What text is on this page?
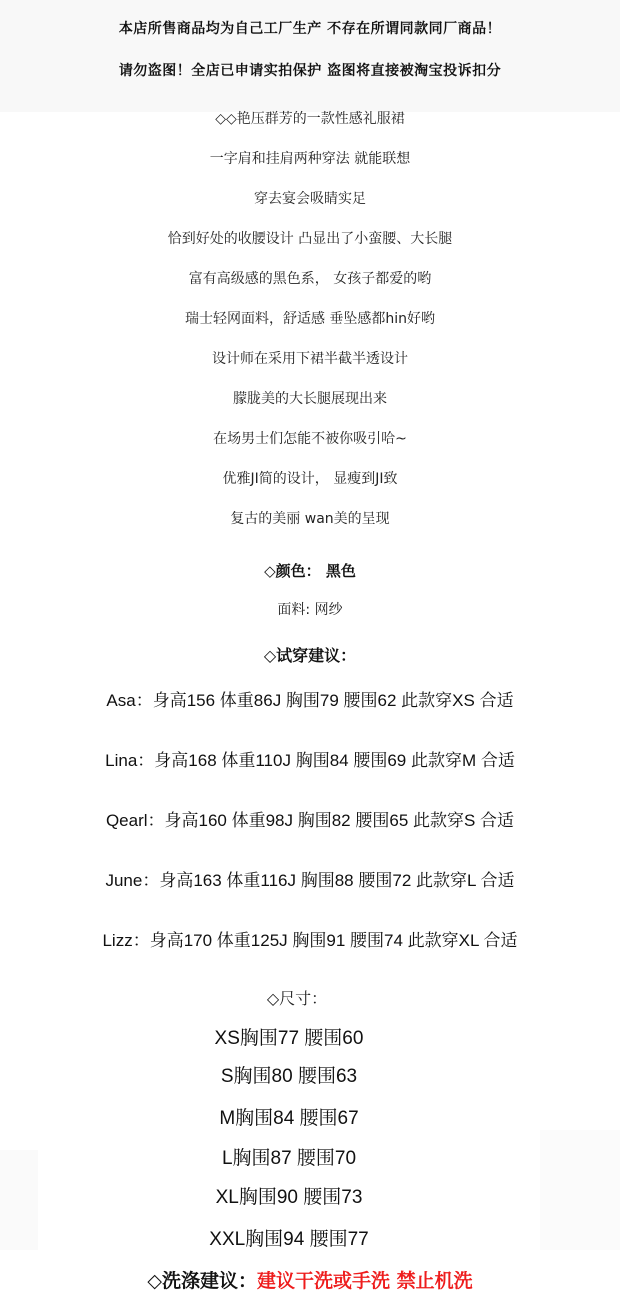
本店所售商品均为自己工厂生产 不存在所谓同款同厂商品！
请勿盗图！全店已申请实拍保护 盗图将直接被淘宝投诉扣分
◇◇艳压群芳的一款性感礼服裙
一字肩和挂肩两种穿法 就能联想
穿去宴会吸睛实足
恰到好处的收腰设计 凸显出了小蛮腰、大长腿
富有高级感的黑色系， 女孩子都爱的哟
瑞士轻网面料，舒适感 垂坠感都hin好哟
设计师在采用下裙半截半透设计
朦胧美的大长腿展现出来
在场男士们怎能不被你吸引哈~
优雅JI简的设计， 显瘦到JI致
复古的美丽 wan美的呈现
◇颜色： 黑色
面料: 网纱
◇试穿建议：
Asa：身高156 体重86J 胸围79 腰围62 此款穿XS 合适
Lina：身高168 体重110J 胸围84 腰围69 此款穿M 合适
Qearl：身高160 体重98J 胸围82 腰围65 此款穿S 合适
June：身高163 体重116J 胸围88 腰围72 此款穿L 合适
Lizz：身高170 体重125J 胸围91 腰围74 此款穿XL 合适
◇尺寸：
XS胸围77 腰围60
S胸围80 腰围63
M胸围84 腰围67
L胸围87 腰围70
XL胸围90 腰围73
XXL胸围94 腰围77
◇洗涤建议：建议干洗或手洗 禁止机洗
